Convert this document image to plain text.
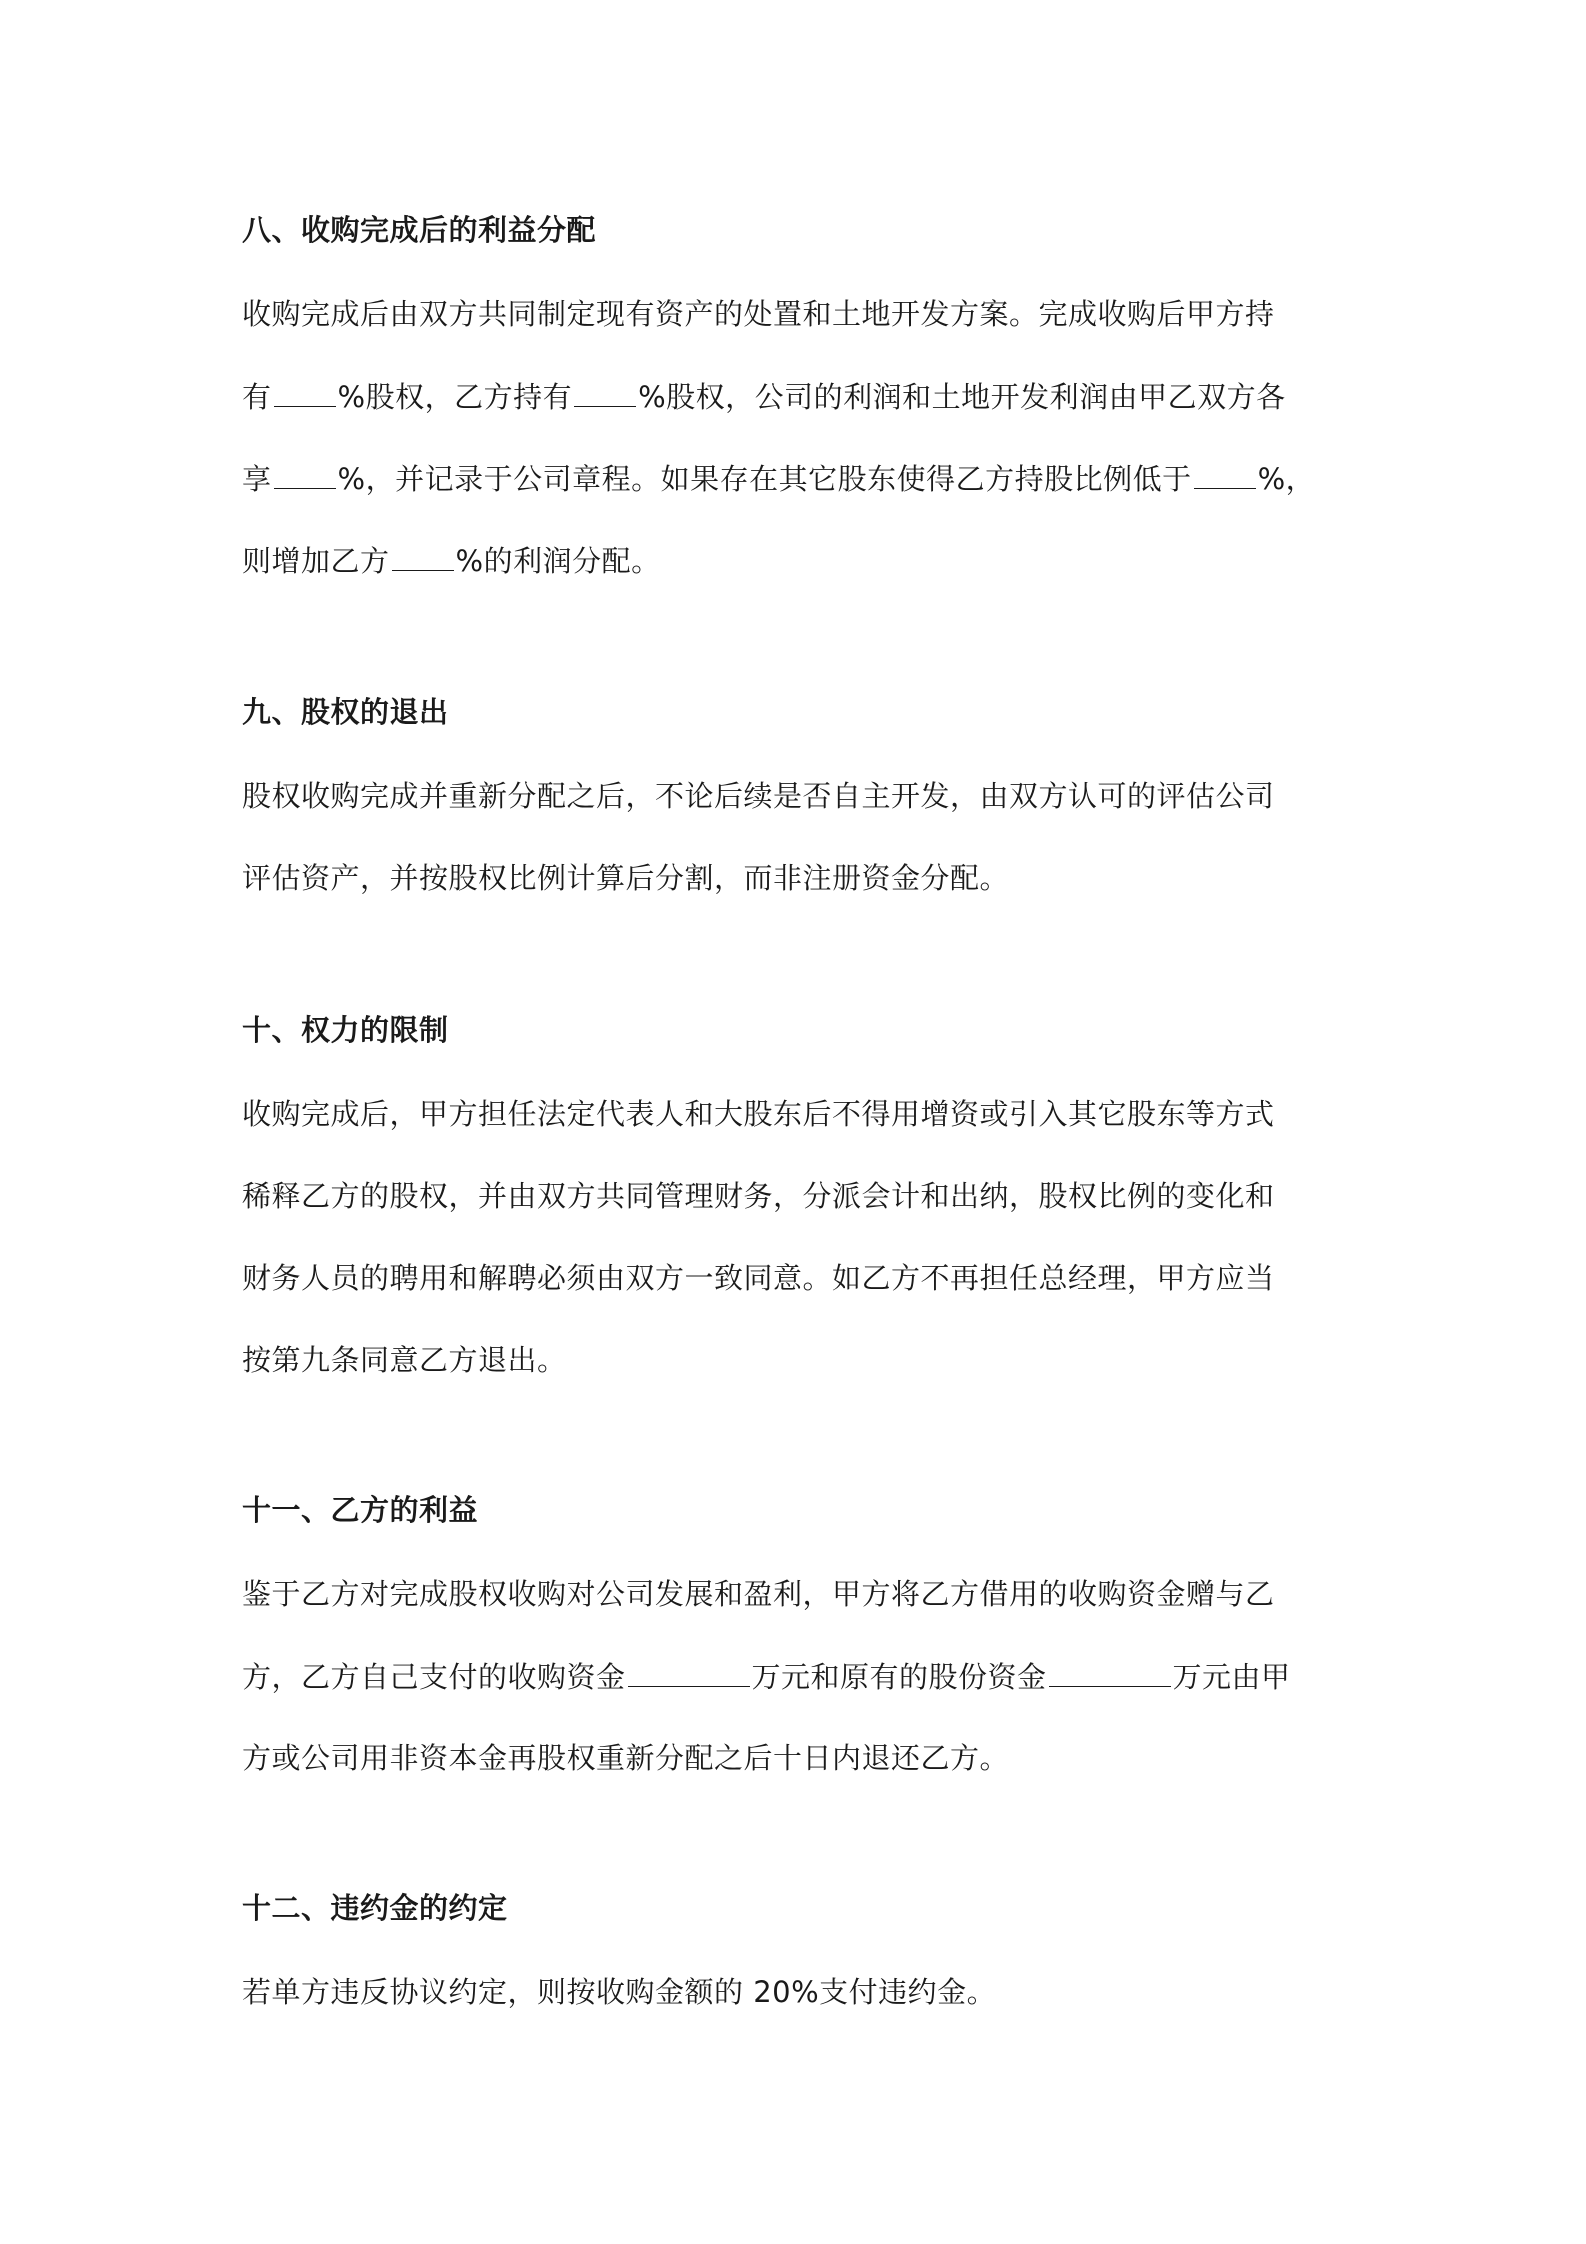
八、收购完成后的利益分配
收购完成后由双方共同制定现有资产的处置和土地开发方案。完成收购后甲方持
有 %股权，乙方持有 %股权，公司的利润和土地开发利润由甲乙双方各
享 %，并记录于公司章程。如果存在其它股东使得乙方持股比例低于 %，
则增加乙方 %的利润分配。
九、股权的退出
股权收购完成并重新分配之后，不论后续是否自主开发，由双方认可的评估公司
评估资产，并按股权比例计算后分割，而非注册资金分配。
十、权力的限制
收购完成后，甲方担任法定代表人和大股东后不得用增资或引入其它股东等方式
稀释乙方的股权，并由双方共同管理财务，分派会计和出纳，股权比例的变化和
财务人员的聘用和解聘必须由双方一致同意。如乙方不再担任总经理，甲方应当
按第九条同意乙方退出。
十一、乙方的利益
鉴于乙方对完成股权收购对公司发展和盈利，甲方将乙方借用的收购资金赠与乙
方，乙方自己支付的收购资金	万元和原有的股份资金	万元由甲
方或公司用非资本金再股权重新分配之后十日内退还乙方。
十二、违约金的约定
若单方违反协议约定，则按收购金额的 20%支付违约金。
